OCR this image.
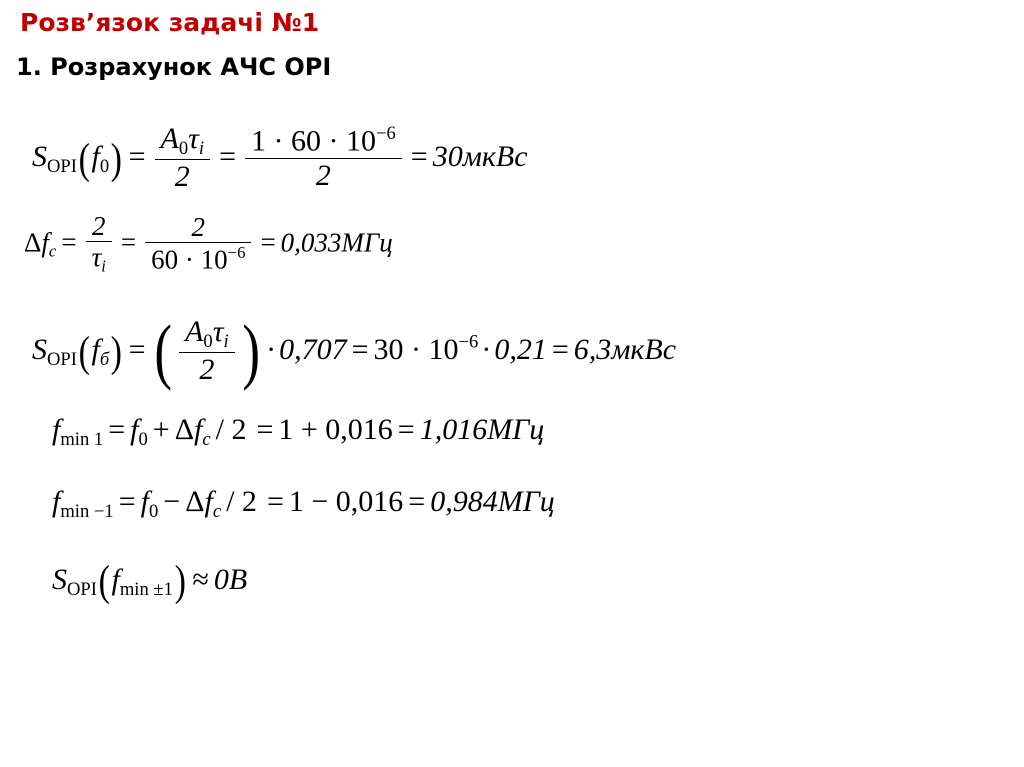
Розв’язок задачі №1
1. Розрахунок АЧС ОРІ
$S_{ОРІ}(f_0) = \frac{A_0\tau_i}{2} = \frac{1 \cdot 60 \cdot 10^{-6}}{2}$ = 30мкВс
$\Delta f_с = \frac{2}{\tau_i} = \frac{2}{60 \cdot 10^{-6}} = 0,033МГц$
$S_{ОРІ}(f_б)$ = ( $\frac{A_0\tau_i}{2}$ ) · $0,707 = 30 \cdot 10^{-6} \cdot 0,21$ = 6,3мкВс
$f_{min 1} = f_0 + \Delta f_с / 2 = 1 + 0,016 = 1,016МГц$
$f_{min -1} = f_0 - \Delta f_с / 2 = 1 - 0,016 = 0,984МГц$
$S_{ОРІ}(f_{min \pm 1}) \approx 0В$
